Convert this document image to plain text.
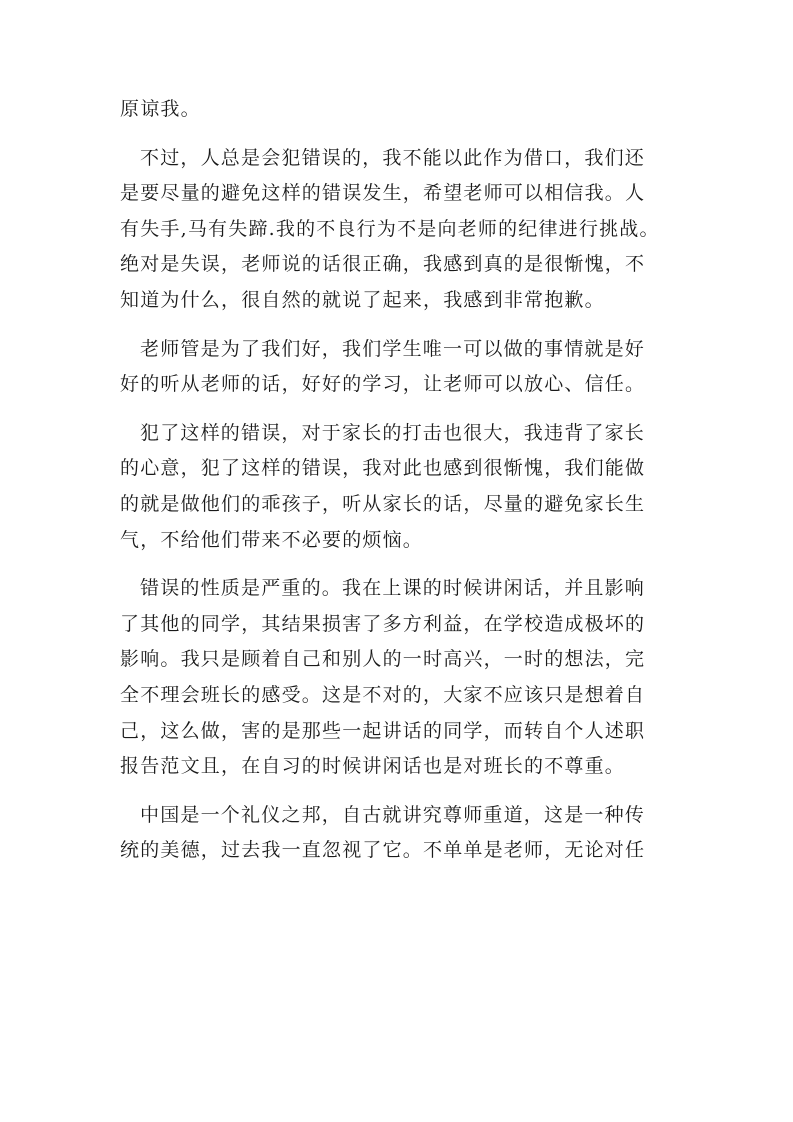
原谅我。
不过，人总是会犯错误的，我不能以此作为借口，我们还
是要尽量的避免这样的错误发生，希望老师可以相信我。人
有失手,马有失蹄.我的不良行为不是向老师的纪律进行挑战。
绝对是失误，老师说的话很正确，我感到真的是很惭愧，不
知道为什么，很自然的就说了起来，我感到非常抱歉。
老师管是为了我们好，我们学生唯一可以做的事情就是好
好的听从老师的话，好好的学习，让老师可以放心、信任。
犯了这样的错误，对于家长的打击也很大，我违背了家长
的心意，犯了这样的错误，我对此也感到很惭愧，我们能做
的就是做他们的乖孩子，听从家长的话，尽量的避免家长生
气，不给他们带来不必要的烦恼。
错误的性质是严重的。我在上课的时候讲闲话，并且影响
了其他的同学，其结果损害了多方利益，在学校造成极坏的
影响。我只是顾着自己和别人的一时高兴，一时的想法，完
全不理会班长的感受。这是不对的，大家不应该只是想着自
己，这么做，害的是那些一起讲话的同学，而转自个人述职
报告范文且，在自习的时候讲闲话也是对班长的不尊重。
中国是一个礼仪之邦，自古就讲究尊师重道，这是一种传
统的美德，过去我一直忽视了它。不单单是老师，无论对任
